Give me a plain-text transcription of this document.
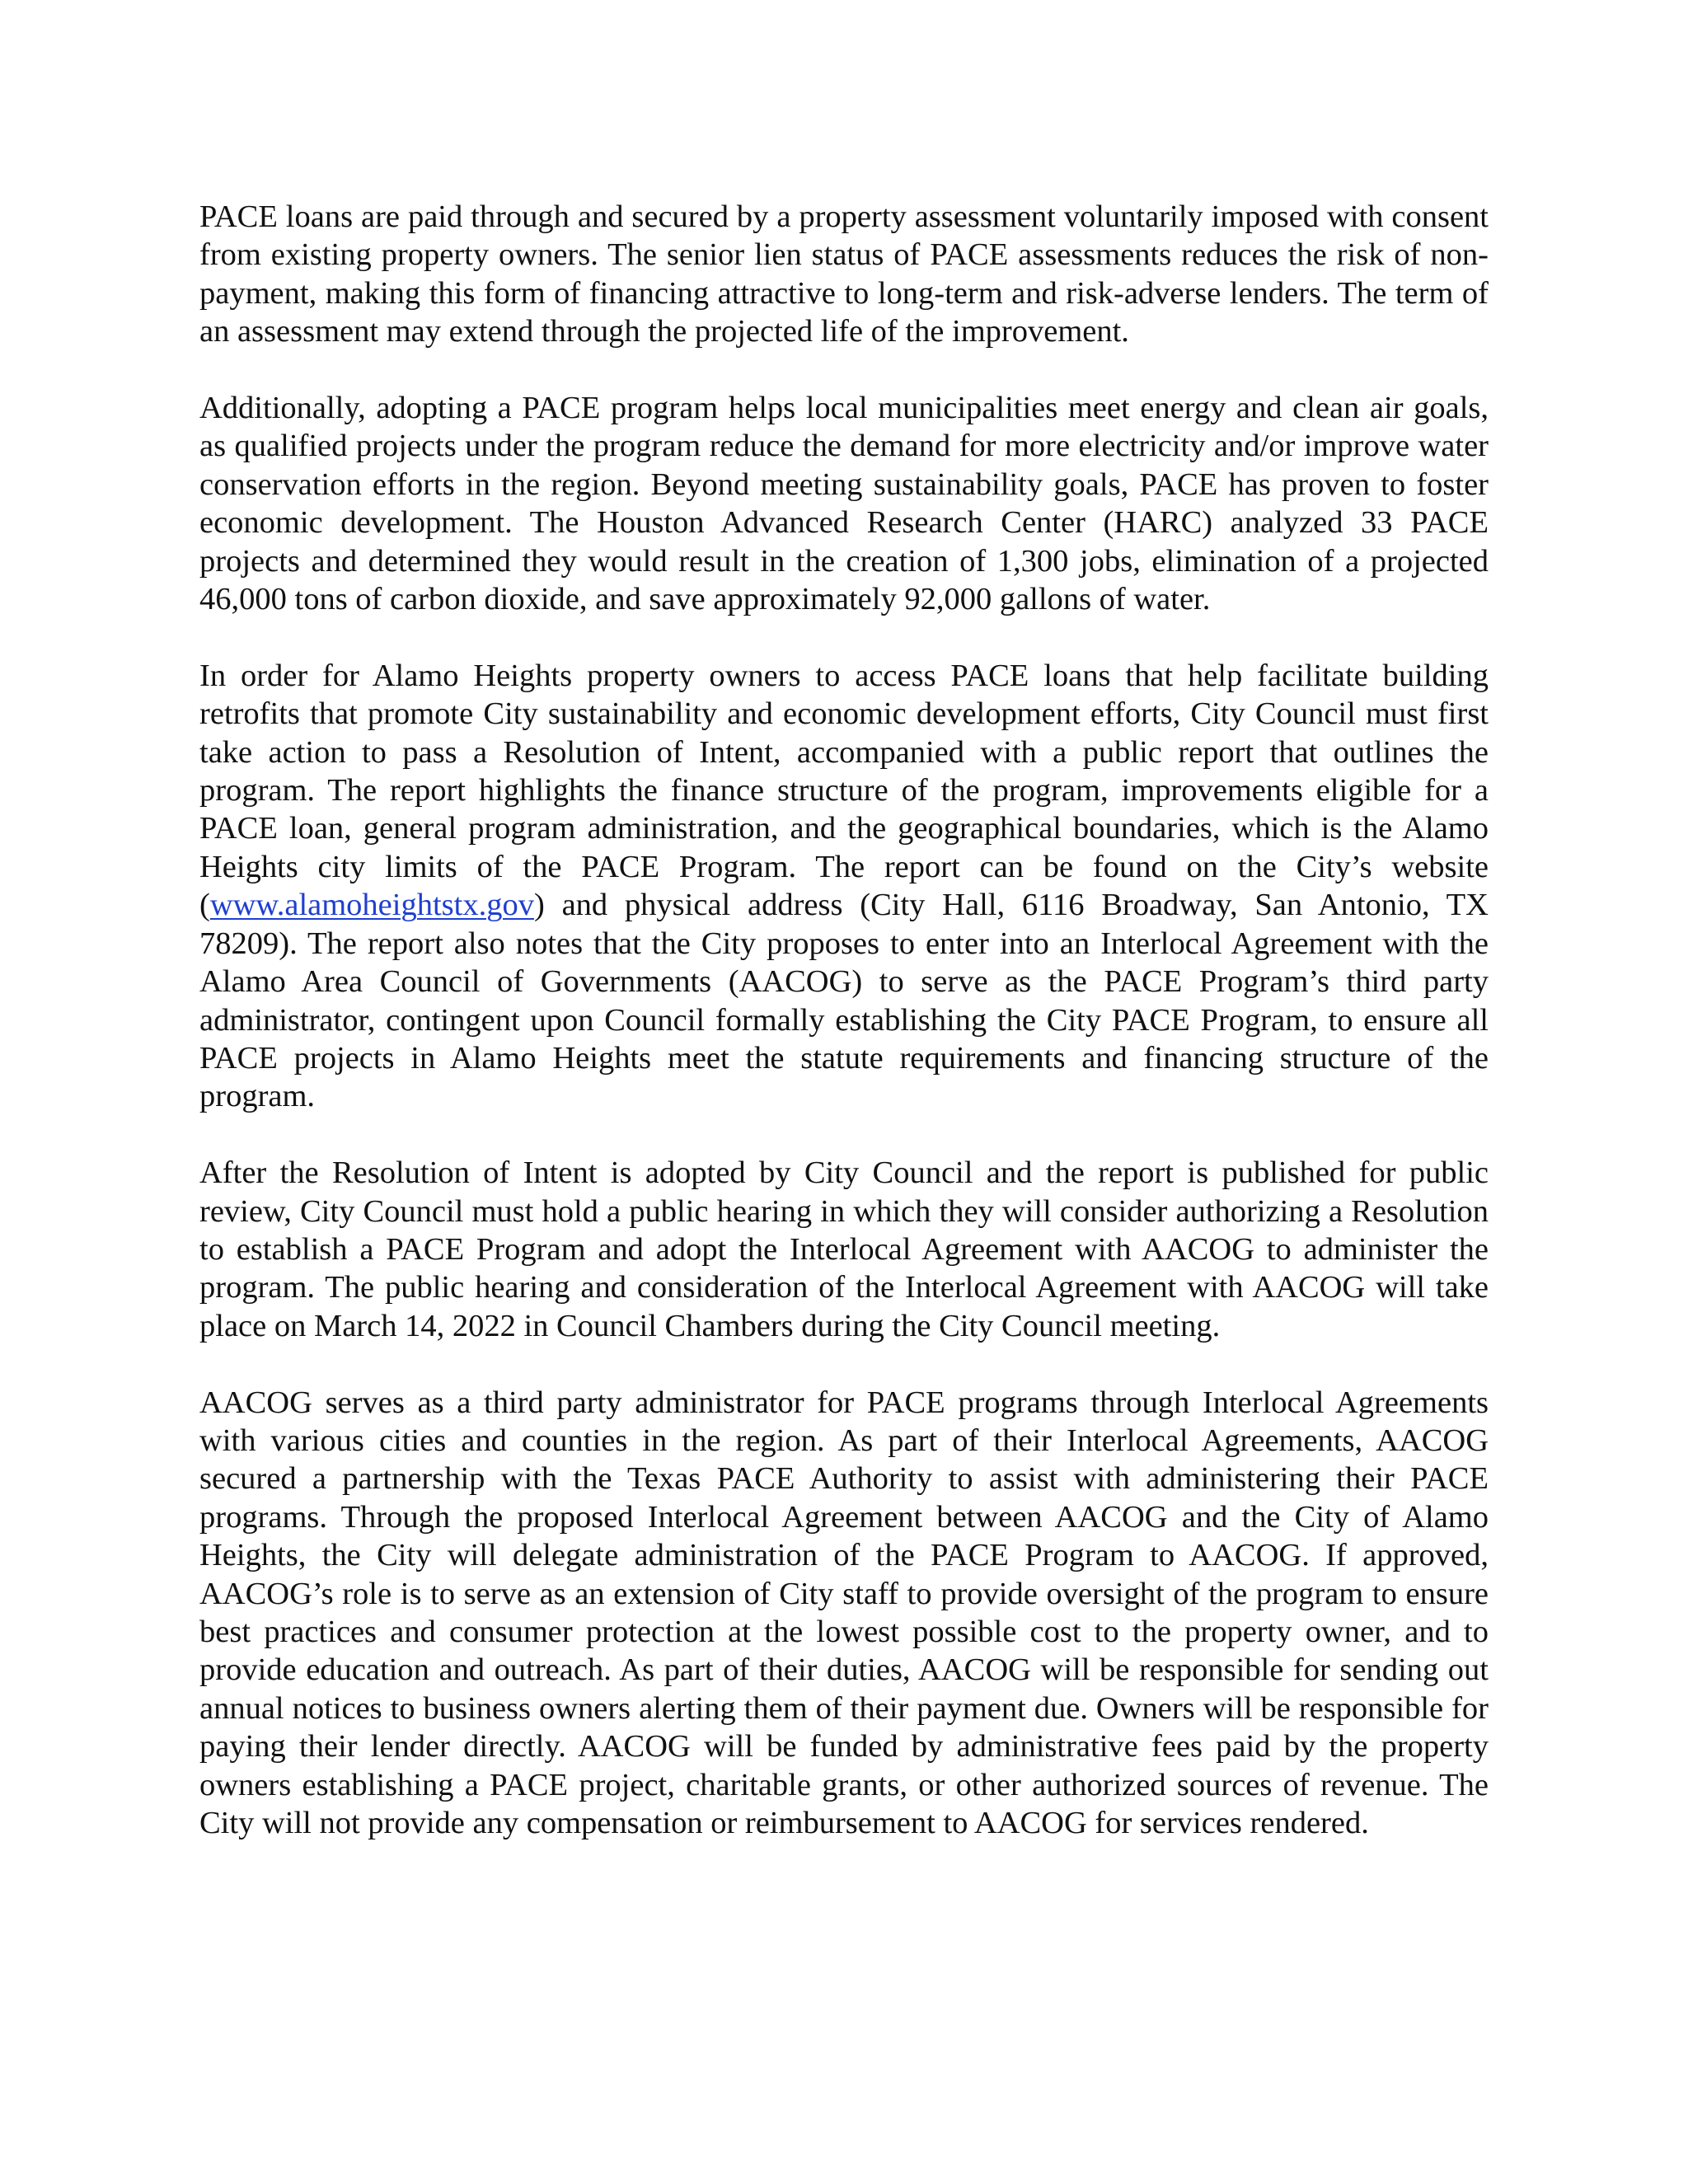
PACE loans are paid through and secured by a property assessment voluntarily imposed with consent from existing property owners. The senior lien status of PACE assessments reduces the risk of non-payment, making this form of financing attractive to long-term and risk-adverse lenders. The term of an assessment may extend through the projected life of the improvement.

Additionally, adopting a PACE program helps local municipalities meet energy and clean air goals, as qualified projects under the program reduce the demand for more electricity and/or improve water conservation efforts in the region. Beyond meeting sustainability goals, PACE has proven to foster economic development. The Houston Advanced Research Center (HARC) analyzed 33 PACE projects and determined they would result in the creation of 1,300 jobs, elimination of a projected 46,000 tons of carbon dioxide, and save approximately 92,000 gallons of water.

In order for Alamo Heights property owners to access PACE loans that help facilitate building retrofits that promote City sustainability and economic development efforts, City Council must first take action to pass a Resolution of Intent, accompanied with a public report that outlines the program. The report highlights the finance structure of the program, improvements eligible for a PACE loan, general program administration, and the geographical boundaries, which is the Alamo Heights city limits of the PACE Program. The report can be found on the City’s website (www.alamoheightstx.gov) and physical address (City Hall, 6116 Broadway, San Antonio, TX 78209). The report also notes that the City proposes to enter into an Interlocal Agreement with the Alamo Area Council of Governments (AACOG) to serve as the PACE Program’s third party administrator, contingent upon Council formally establishing the City PACE Program, to ensure all PACE projects in Alamo Heights meet the statute requirements and financing structure of the program.

After the Resolution of Intent is adopted by City Council and the report is published for public review, City Council must hold a public hearing in which they will consider authorizing a Resolution to establish a PACE Program and adopt the Interlocal Agreement with AACOG to administer the program. The public hearing and consideration of the Interlocal Agreement with AACOG will take place on March 14, 2022 in Council Chambers during the City Council meeting.

AACOG serves as a third party administrator for PACE programs through Interlocal Agreements with various cities and counties in the region. As part of their Interlocal Agreements, AACOG secured a partnership with the Texas PACE Authority to assist with administering their PACE programs. Through the proposed Interlocal Agreement between AACOG and the City of Alamo Heights, the City will delegate administration of the PACE Program to AACOG. If approved, AACOG’s role is to serve as an extension of City staff to provide oversight of the program to ensure best practices and consumer protection at the lowest possible cost to the property owner, and to provide education and outreach. As part of their duties, AACOG will be responsible for sending out annual notices to business owners alerting them of their payment due. Owners will be responsible for paying their lender directly. AACOG will be funded by administrative fees paid by the property owners establishing a PACE project, charitable grants, or other authorized sources of revenue. The City will not provide any compensation or reimbursement to AACOG for services rendered.
